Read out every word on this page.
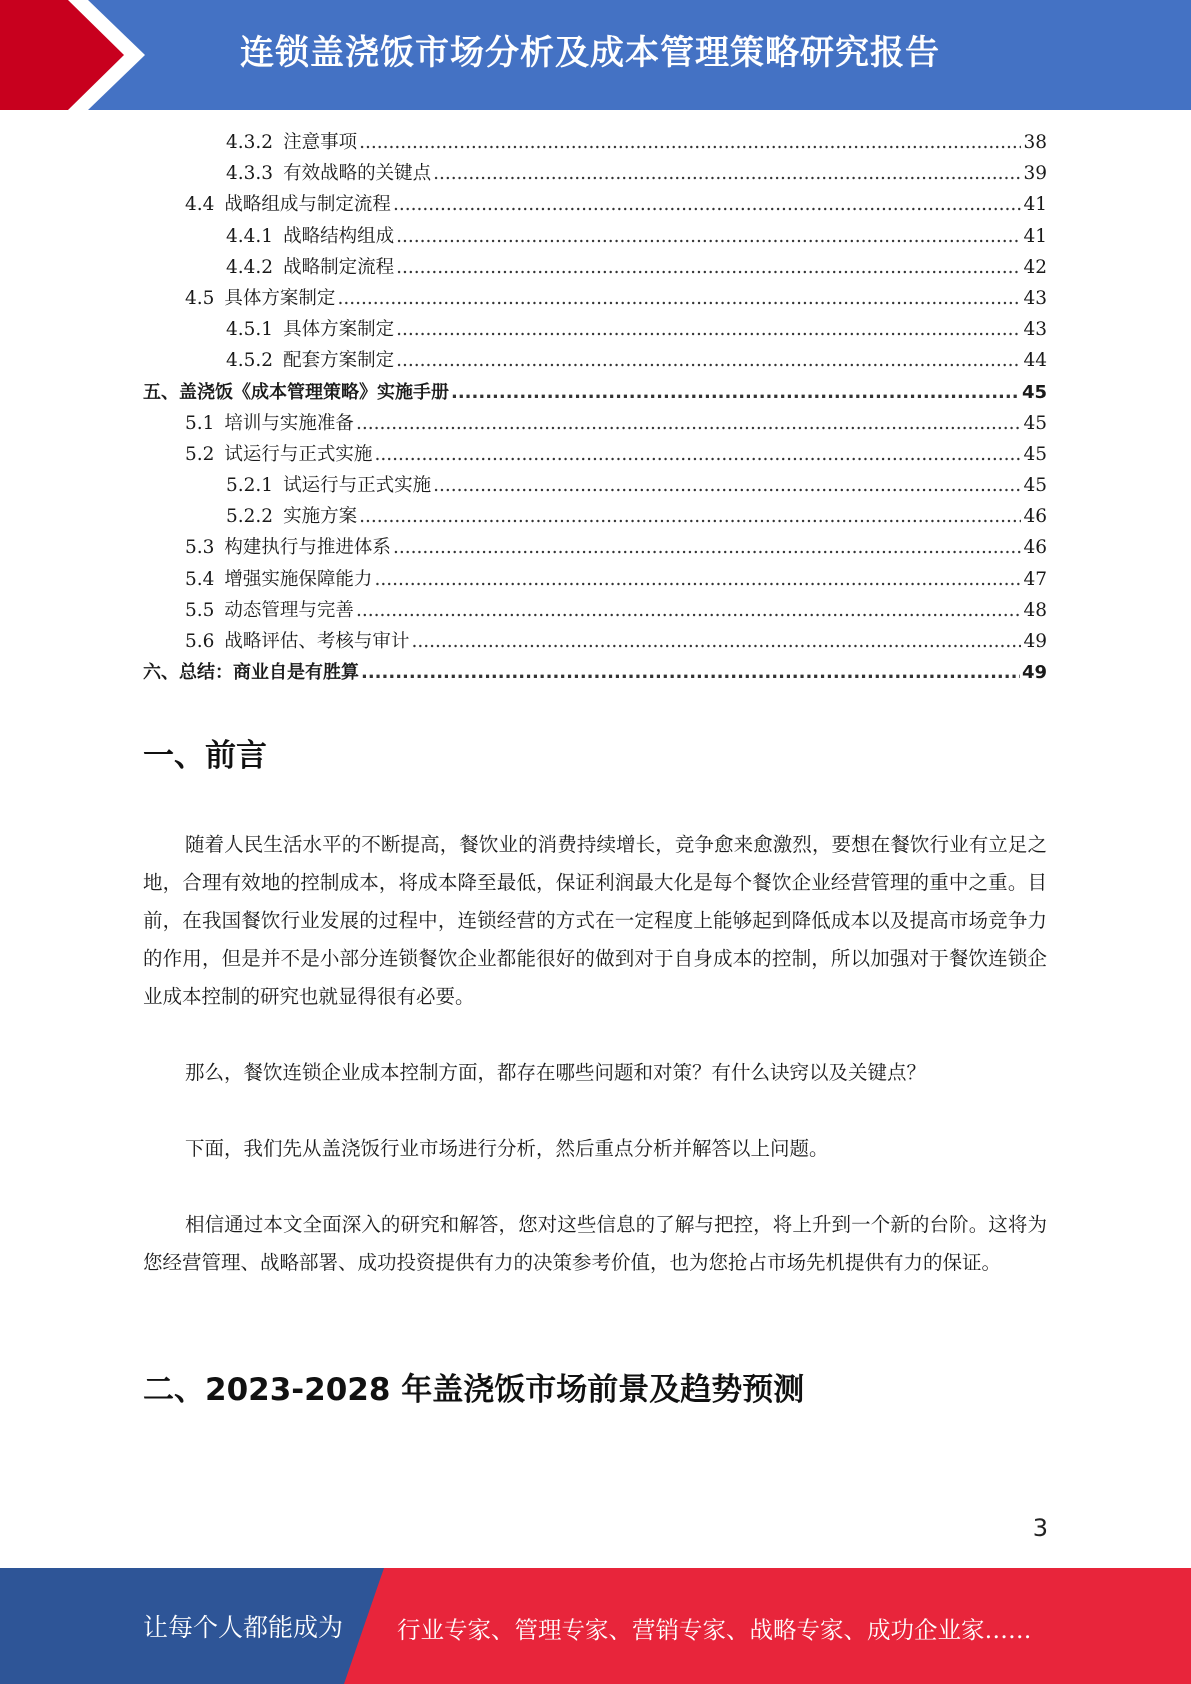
连锁盖浇饭市场分析及成本管理策略研究报告
4.3.2 注意事项 .....	38
4.3.3 有效战略的关键点 .....	39
4.4 战略组成与制定流程 .....	41
4.4.1 战略结构组成 .....	41
4.4.2 战略制定流程 .....	42
4.5 具体方案制定 .....	43
4.5.1 具体方案制定 .....	43
4.5.2 配套方案制定 .....	44
五、盖浇饭《成本管理策略》实施手册 .....	45
5.1 培训与实施准备 .....	45
5.2 试运行与正式实施 .....	45
5.2.1 试运行与正式实施 .....	45
5.2.2 实施方案 .....	46
5.3 构建执行与推进体系 .....	46
5.4 增强实施保障能力 .....	47
5.5 动态管理与完善 .....	48
5.6 战略评估、考核与审计 .....	49
六、总结：商业自是有胜算 .....	49
一、前言
随着人民生活水平的不断提高，餐饮业的消费持续增长，竞争愈来愈激烈，要想在餐饮行业有立足之地，合理有效地的控制成本，将成本降至最低，保证利润最大化是每个餐饮企业经营管理的重中之重。目前，在我国餐饮行业发展的过程中，连锁经营的方式在一定程度上能够起到降低成本以及提高市场竞争力的作用，但是并不是小部分连锁餐饮企业都能很好的做到对于自身成本的控制，所以加强对于餐饮连锁企业成本控制的研究也就显得很有必要。
那么，餐饮连锁企业成本控制方面，都存在哪些问题和对策？有什么诀窍以及关键点？
下面，我们先从盖浇饭行业市场进行分析，然后重点分析并解答以上问题。
相信通过本文全面深入的研究和解答，您对这些信息的了解与把控，将上升到一个新的台阶。这将为您经营管理、战略部署、成功投资提供有力的决策参考价值，也为您抢占市场先机提供有力的保证。
二、2023-2028 年盖浇饭市场前景及趋势预测
3
让每个人都能成为 行业专家、管理专家、营销专家、战略专家、成功企业家……
